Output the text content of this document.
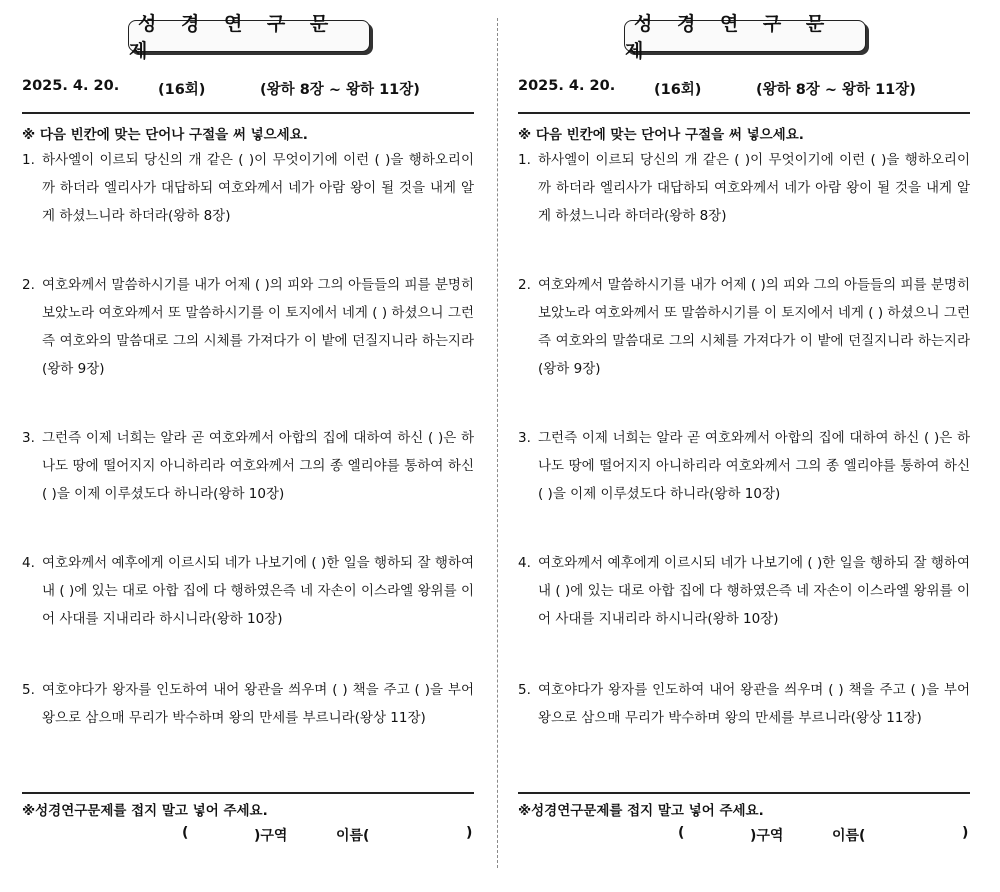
성 경 연 구 문 제
2025. 4. 20.	(16회)	(왕하 8장 ~ 왕하 11장)
※ 다음 빈칸에 맞는 단어나 구절을 써 넣으세요.
1. 하사엘이 이르되 당신의 개 같은 ( )이 무엇이기에 이런 ( )을 행하오리이까 하더라 엘리사가 대답하되 여호와께서 네가 아람 왕이 될 것을 내게 알게 하셨느니라 하더라(왕하 8장)
2. 여호와께서 말씀하시기를 내가 어제 ( )의 피와 그의 아들들의 피를 분명히 보았노라 여호와께서 또 말씀하시기를 이 토지에서 네게 ( ) 하셨으니 그런즉 여호와의 말씀대로 그의 시체를 가져다가 이 밭에 던질지니라 하는지라(왕하 9장)
3. 그런즉 이제 너희는 알라 곧 여호와께서 아합의 집에 대하여 하신 ( )은 하나도 땅에 떨어지지 아니하리라 여호와께서 그의 종 엘리야를 통하여 하신 ( )을 이제 이루셨도다 하니라(왕하 10장)
4. 여호와께서 예후에게 이르시되 네가 나보기에 ( )한 일을 행하되 잘 행하여 내 ( )에 있는 대로 아합 집에 다 행하였은즉 네 자손이 이스라엘 왕위를 이어 사대를 지내리라 하시니라(왕하 10장)
5. 여호야다가 왕자를 인도하여 내어 왕관을 씌우며 ( ) 책을 주고 ( )을 부어 왕으로 삼으매 무리가 박수하며 왕의 만세를 부르니라(왕상 11장)
※성경연구문제를 접지 말고 넣어 주세요.
(	)구역	이름(	)
성 경 연 구 문 제
2025. 4. 20.	(16회)	(왕하 8장 ~ 왕하 11장)
※ 다음 빈칸에 맞는 단어나 구절을 써 넣으세요.
1. 하사엘이 이르되 당신의 개 같은 ( )이 무엇이기에 이런 ( )을 행하오리이까 하더라 엘리사가 대답하되 여호와께서 네가 아람 왕이 될 것을 내게 알게 하셨느니라 하더라(왕하 8장)
2. 여호와께서 말씀하시기를 내가 어제 ( )의 피와 그의 아들들의 피를 분명히 보았노라 여호와께서 또 말씀하시기를 이 토지에서 네게 ( ) 하셨으니 그런즉 여호와의 말씀대로 그의 시체를 가져다가 이 밭에 던질지니라 하는지라(왕하 9장)
3. 그런즉 이제 너희는 알라 곧 여호와께서 아합의 집에 대하여 하신 ( )은 하나도 땅에 떨어지지 아니하리라 여호와께서 그의 종 엘리야를 통하여 하신 ( )을 이제 이루셨도다 하니라(왕하 10장)
4. 여호와께서 예후에게 이르시되 네가 나보기에 ( )한 일을 행하되 잘 행하여 내 ( )에 있는 대로 아합 집에 다 행하였은즉 네 자손이 이스라엘 왕위를 이어 사대를 지내리라 하시니라(왕하 10장)
5. 여호야다가 왕자를 인도하여 내어 왕관을 씌우며 ( ) 책을 주고 ( )을 부어 왕으로 삼으매 무리가 박수하며 왕의 만세를 부르니라(왕상 11장)
※성경연구문제를 접지 말고 넣어 주세요.
(	)구역	이름(	)
